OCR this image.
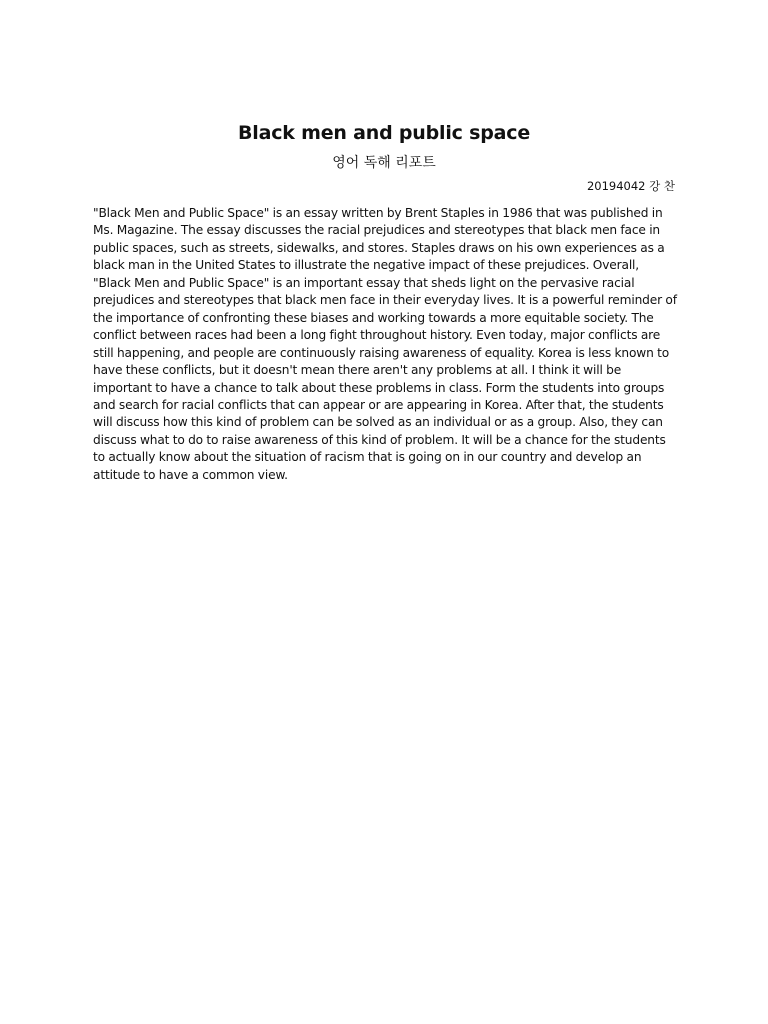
Black men and public space
영어 독해 리포트
20194042 강 찬
"Black Men and Public Space" is an essay written by Brent Staples in 1986 that was published in Ms. Magazine. The essay discusses the racial prejudices and stereotypes that black men face in public spaces, such as streets, sidewalks, and stores. Staples draws on his own experiences as a black man in the United States to illustrate the negative impact of these prejudices. Overall, "Black Men and Public Space" is an important essay that sheds light on the pervasive racial prejudices and stereotypes that black men face in their everyday lives. It is a powerful reminder of the importance of confronting these biases and working towards a more equitable society. The conflict between races had been a long fight throughout history. Even today, major conflicts are still happening, and people are continuously raising awareness of equality. Korea is less known to have these conflicts, but it doesn't mean there aren't any problems at all. I think it will be important to have a chance to talk about these problems in class. Form the students into groups and search for racial conflicts that can appear or are appearing in Korea. After that, the students will discuss how this kind of problem can be solved as an individual or as a group. Also, they can discuss what to do to raise awareness of this kind of problem. It will be a chance for the students to actually know about the situation of racism that is going on in our country and develop an attitude to have a common view.
